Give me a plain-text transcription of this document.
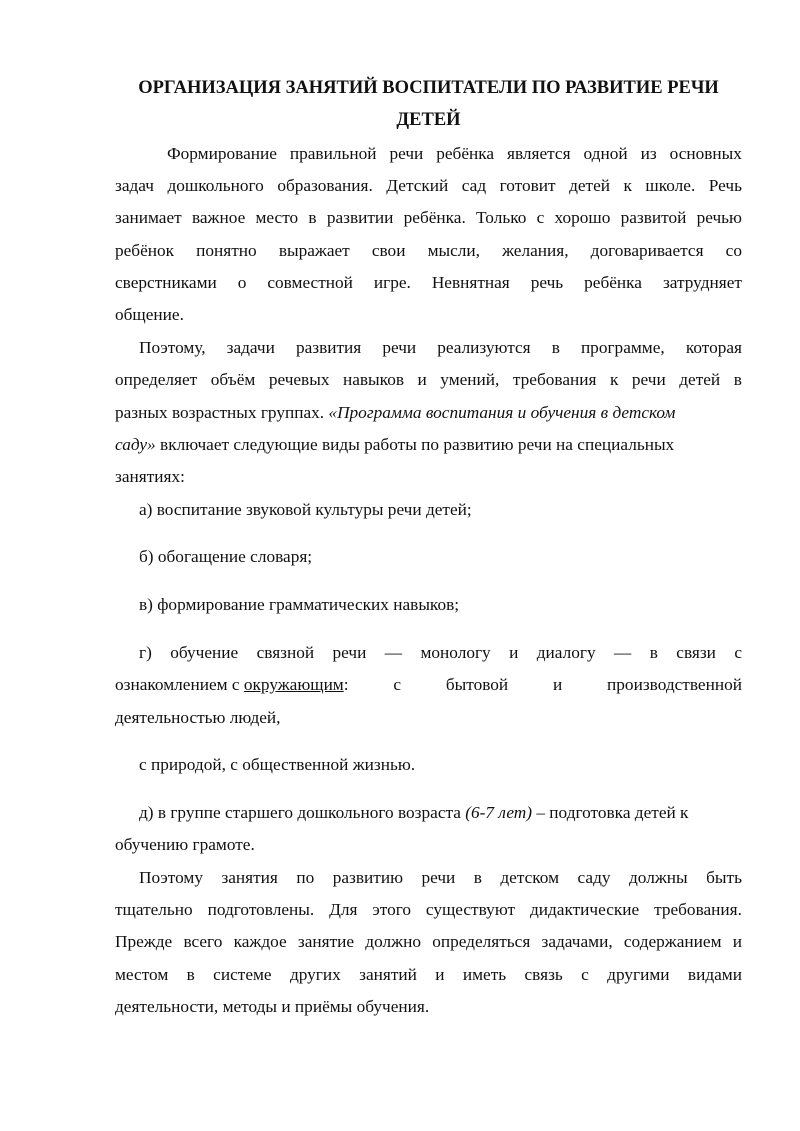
ОРГАНИЗАЦИЯ ЗАНЯТИЙ ВОСПИТАТЕЛИ ПО РАЗВИТИЕ РЕЧИ
ДЕТЕЙ
Формирование правильной речи ребёнка является одной из основных
задач дошкольного образования. Детский сад готовит детей к школе. Речь
занимает важное место в развитии ребёнка. Только с хорошо развитой речью
ребёнок понятно выражает свои мысли, желания, договаривается со
сверстниками о совместной игре. Невнятная речь ребёнка затрудняет
общение.
Поэтому, задачи развития речи реализуются в программе, которая
определяет объём речевых навыков и умений, требования к речи детей в
разных возрастных группах. «Программа воспитания и обучения в детском
саду» включает следующие виды работы по развитию речи на специальных
занятиях:
а) воспитание звуковой культуры речи детей;
б) обогащение словаря;
в) формирование грамматических навыков;
г) обучение связной речи — монологу и диалогу — в связи с
ознакомлением с окружающим :	с	бытовой	и	производственной
деятельностью людей,
с природой, с общественной жизнью.
д) в группе старшего дошкольного возраста (6-7 лет) – подготовка детей к
обучению грамоте.
Поэтому занятия по развитию речи в детском саду должны быть
тщательно подготовлены. Для этого существуют дидактические требования.
Прежде всего каждое занятие должно определяться задачами, содержанием и
местом в системе других занятий и иметь связь с другими видами
деятельности, методы и приёмы обучения.
